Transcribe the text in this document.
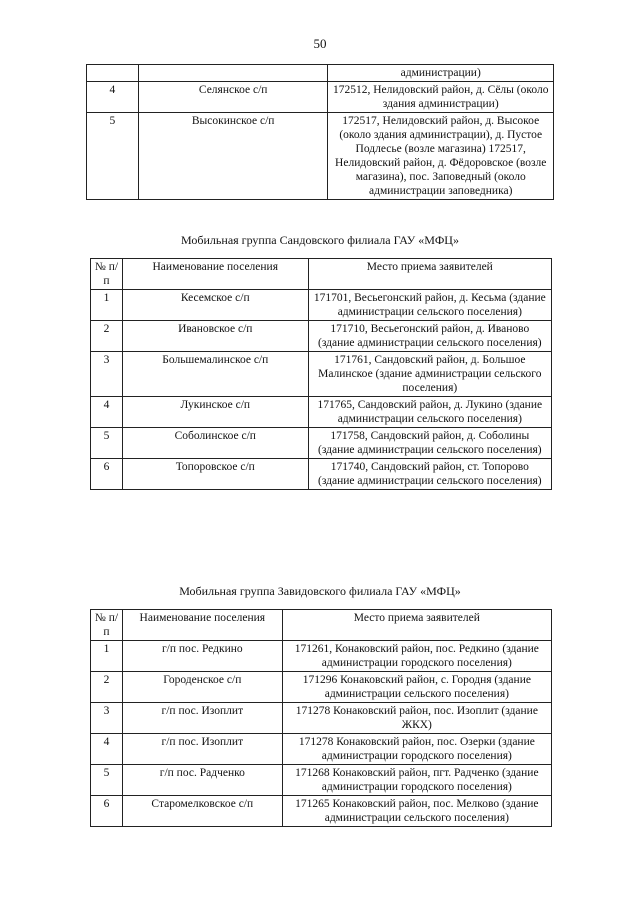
50
		администрации)
4	Селянское с/п	172512, Нелидовский район, д. Сёлы (около здания администрации)
5	Высокинское с/п	172517, Нелидовский район, д. Высокое (около здания администрации), д. Пустое Подлесье (возле магазина) 172517, Нелидовский район, д. Фёдоровское (возле магазина), пос. Заповедный (около администрации заповедника)
Мобильная группа Сандовского филиала ГАУ «МФЦ»
№ п/п	Наименование поселения	Место приема заявителей
1	Кесемское с/п	171701, Весьегонский район, д. Кесьма (здание администрации сельского поселения)
2	Ивановское с/п	171710, Весьегонский район, д. Иваново (здание администрации сельского поселения)
3	Большемалинское с/п	171761, Сандовский район, д. Большое Малинское (здание администрации сельского поселения)
4	Лукинское с/п	171765, Сандовский район, д. Лукино (здание администрации сельского поселения)
5	Соболинское с/п	171758, Сандовский район, д. Соболины (здание администрации сельского поселения)
6	Топоровское с/п	171740, Сандовский район, ст. Топорово (здание администрации сельского поселения)
Мобильная группа Завидовского филиала ГАУ «МФЦ»
№ п/п	Наименование поселения	Место приема заявителей
1	г/п пос. Редкино	171261, Конаковский район, пос. Редкино (здание администрации городского поселения)
2	Городенское с/п	171296 Конаковский район, с. Городня (здание администрации сельского поселения)
3	г/п пос. Изоплит	171278 Конаковский район, пос. Изоплит (здание ЖКХ)
4	г/п пос. Изоплит	171278 Конаковский район, пос. Озерки (здание администрации городского поселения)
5	г/п пос. Радченко	171268 Конаковский район, пгт. Радченко (здание администрации городского поселения)
6	Старомелковское с/п	171265 Конаковский район, пос. Мелково (здание администрации сельского поселения)
